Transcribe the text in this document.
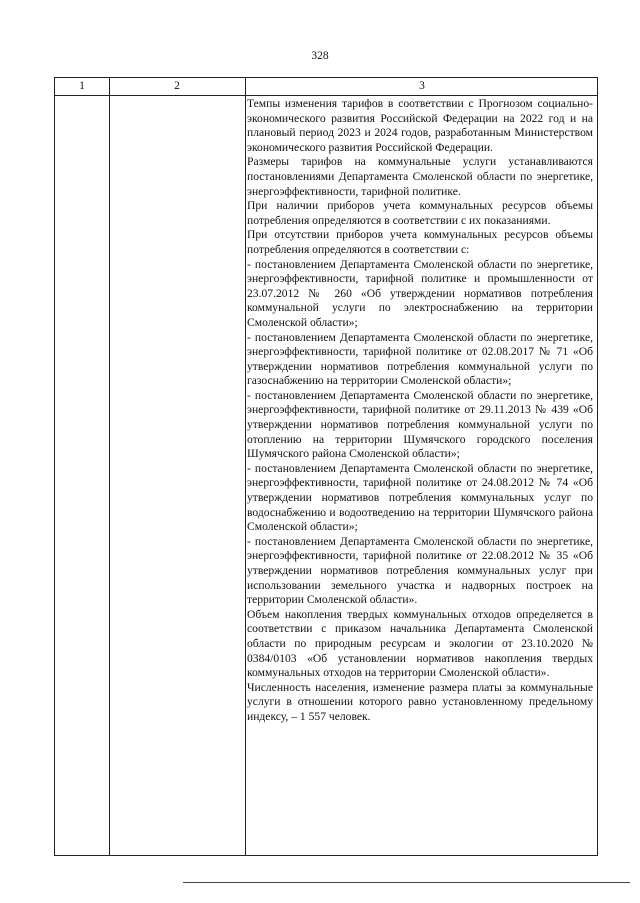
328
1	2	3

Темпы изменения тарифов в соответствии с Прогнозом социально-экономического развития Российской Федерации на 2022 год и на плановый период 2023 и 2024 годов, разработанным Министерством экономического развития Российской Федерации.

Размеры тарифов на коммунальные услуги устанавливаются постановлениями Департамента Смоленской области по энергетике, энергоэффективности, тарифной политике.

При наличии приборов учета коммунальных ресурсов объемы потребления определяются в соответствии с их показаниями.

При отсутствии приборов учета коммунальных ресурсов объемы потребления определяются в соответствии с:

- постановлением Департамента Смоленской области по энергетике, энергоэффективности, тарифной политике и промышленности от 23.07.2012 № 260 «Об утверждении нормативов потребления коммунальной услуги по электроснабжению на территории Смоленской области»;

- постановлением Департамента Смоленской области по энергетике, энергоэффективности, тарифной политике от 02.08.2017 № 71 «Об утверждении нормативов потребления коммунальной услуги по газоснабжению на территории Смоленской области»;

- постановлением Департамента Смоленской области по энергетике, энергоэффективности, тарифной политике от 29.11.2013 № 439 «Об утверждении нормативов потребления коммунальной услуги по отоплению на территории Шумячского городского поселения Шумячского района Смоленской области»;

- постановлением Департамента Смоленской области по энергетике, энергоэффективности, тарифной политике от 24.08.2012 № 74 «Об утверждении нормативов потребления коммунальных услуг по водоснабжению и водоотведению на территории Шумячского района Смоленской области»;

- постановлением Департамента Смоленской области по энергетике, энергоэффективности, тарифной политике от 22.08.2012 № 35 «Об утверждении нормативов потребления коммунальных услуг при использовании земельного участка и надворных построек на территории Смоленской области».

Объем накопления твердых коммунальных отходов определяется в соответствии с приказом начальника Департамента Смоленской области по природным ресурсам и экологии от 23.10.2020 № 0384/0103 «Об установлении нормативов накопления твердых коммунальных отходов на территории Смоленской области».

Численность населения, изменение размера платы за коммунальные услуги в отношении которого равно установленному предельному индексу, – 1 557 человек.
